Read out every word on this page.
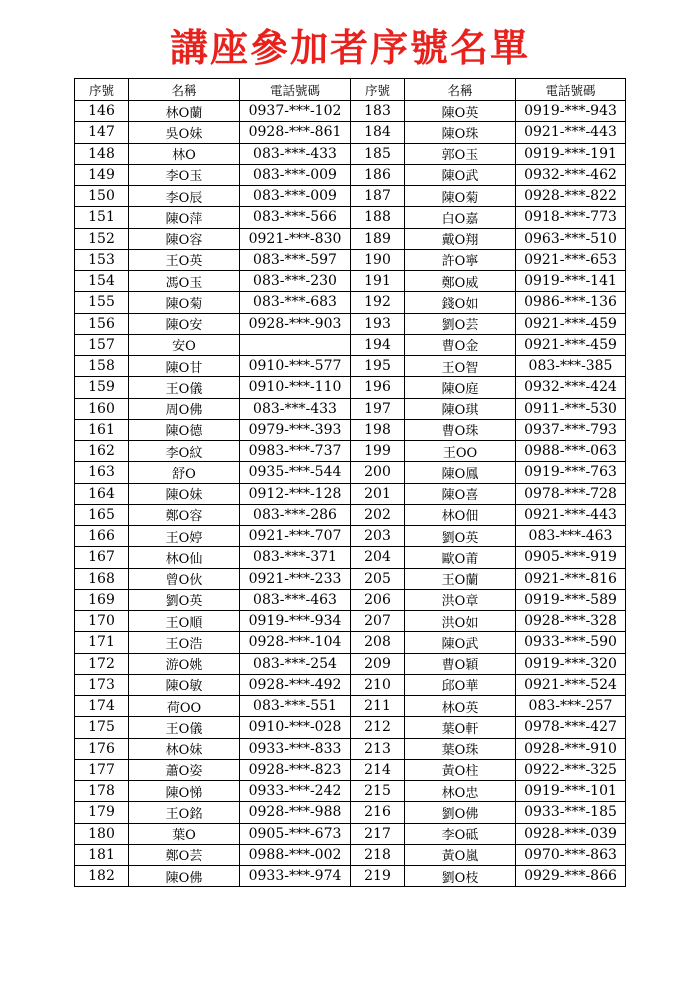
講座參加者序號名單
序號	名稱	電話號碼	序號	名稱	電話號碼
146	林O蘭	0937-***-102	183	陳O英	0919-***-943
147	吳O妹	0928-***-861	184	陳O珠	0921-***-443
148	林O	083-***-433	185	郭O玉	0919-***-191
149	李O玉	083-***-009	186	陳O武	0932-***-462
150	李O辰	083-***-009	187	陳O菊	0928-***-822
151	陳O萍	083-***-566	188	白O嘉	0918-***-773
152	陳O容	0921-***-830	189	戴O翔	0963-***-510
153	王O英	083-***-597	190	許O寧	0921-***-653
154	馮O玉	083-***-230	191	鄭O威	0919-***-141
155	陳O菊	083-***-683	192	錢O如	0986-***-136
156	陳O安	0928-***-903	193	劉O芸	0921-***-459
157	安O		194	曹O金	0921-***-459
158	陳O甘	0910-***-577	195	王O智	083-***-385
159	王O儀	0910-***-110	196	陳O庭	0932-***-424
160	周O佛	083-***-433	197	陳O琪	0911-***-530
161	陳O德	0979-***-393	198	曹O珠	0937-***-793
162	李O紋	0983-***-737	199	王OO	0988-***-063
163	舒O	0935-***-544	200	陳O鳳	0919-***-763
164	陳O妹	0912-***-128	201	陳O喜	0978-***-728
165	鄭O容	083-***-286	202	林O佃	0921-***-443
166	王O婷	0921-***-707	203	劉O英	083-***-463
167	林O仙	083-***-371	204	歐O莆	0905-***-919
168	曾O伙	0921-***-233	205	王O蘭	0921-***-816
169	劉O英	083-***-463	206	洪O章	0919-***-589
170	王O順	0919-***-934	207	洪O如	0928-***-328
171	王O浩	0928-***-104	208	陳O武	0933-***-590
172	游O姚	083-***-254	209	曹O穎	0919-***-320
173	陳O敏	0928-***-492	210	邱O華	0921-***-524
174	荷OO	083-***-551	211	林O英	083-***-257
175	王O儀	0910-***-028	212	葉O軒	0978-***-427
176	林O妹	0933-***-833	213	葉O珠	0928-***-910
177	蕭O姿	0928-***-823	214	黃O柱	0922-***-325
178	陳O悌	0933-***-242	215	林O忠	0919-***-101
179	王O銘	0928-***-988	216	劉O佛	0933-***-185
180	葉O	0905-***-673	217	李O砥	0928-***-039
181	鄭O芸	0988-***-002	218	黃O嵐	0970-***-863
182	陳O佛	0933-***-974	219	劉O枝	0929-***-866
